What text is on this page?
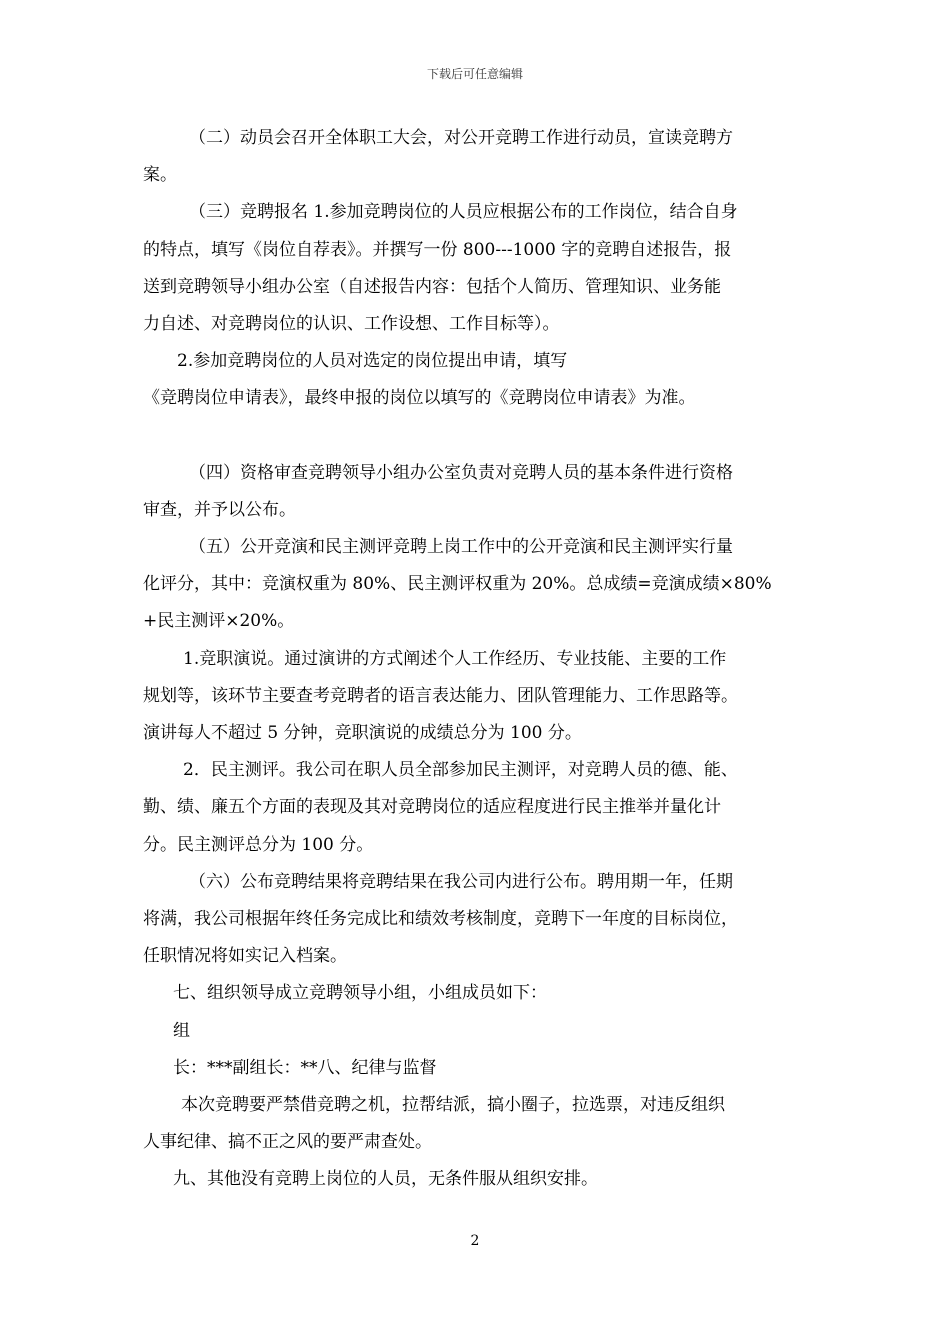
下载后可任意编辑

（二）动员会召开全体职工大会，对公开竞聘工作进行动员，宣读竞聘方

案。

（三）竞聘报名 1.参加竞聘岗位的人员应根据公布的工作岗位，结合自身

的特点，填写《岗位自荐表》。并撰写一份 800---1000 字的竞聘自述报告，报

送到竞聘领导小组办公室（自述报告内容：包括个人简历、管理知识、业务能

力自述、对竞聘岗位的认识、工作设想、工作目标等）。

2.参加竞聘岗位的人员对选定的岗位提出申请，填写

《竞聘岗位申请表》，最终申报的岗位以填写的《竞聘岗位申请表》为准。

（四）资格审查竞聘领导小组办公室负责对竞聘人员的基本条件进行资格

审查，并予以公布。

（五）公开竞演和民主测评竞聘上岗工作中的公开竞演和民主测评实行量

化评分，其中：竞演权重为 80%、民主测评权重为 20%。总成绩=竞演成绩×80%

+民主测评×20%。

1.竞职演说。通过演讲的方式阐述个人工作经历、专业技能、主要的工作

规划等，该环节主要查考竞聘者的语言表达能力、团队管理能力、工作思路等。

演讲每人不超过 5 分钟，竞职演说的成绩总分为 100 分。

2．民主测评。我公司在职人员全部参加民主测评，对竞聘人员的德、能、

勤、绩、廉五个方面的表现及其对竞聘岗位的适应程度进行民主推举并量化计

分。民主测评总分为 100 分。

（六）公布竞聘结果将竞聘结果在我公司内进行公布。聘用期一年，任期

将满，我公司根据年终任务完成比和绩效考核制度，竞聘下一年度的目标岗位，

任职情况将如实记入档案。

七、组织领导成立竞聘领导小组，小组成员如下：

组

长：***副组长：**八、纪律与监督

本次竞聘要严禁借竞聘之机，拉帮结派，搞小圈子，拉选票，对违反组织

人事纪律、搞不正之风的要严肃查处。

九、其他没有竞聘上岗位的人员，无条件服从组织安排。

2
